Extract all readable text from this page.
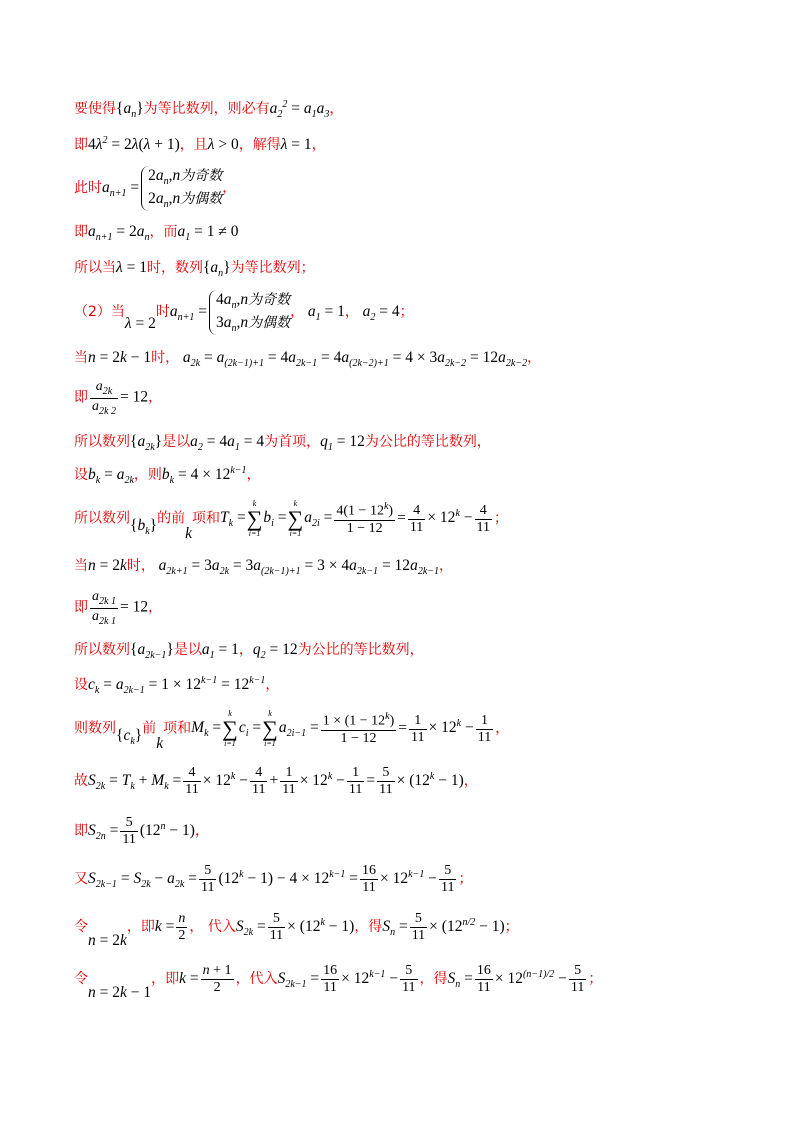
要使得$\{a_n\}$为等比数列，则必有$a_2^2 = a_1a_3$，
即$4\lambda^2 = 2\lambda(\lambda + 1)$，且λ > 0，解得λ = 1，
此时$a_{n+1}$ =
$2a_n,n$为奇数
$2a_n,n$为偶数
，
即$a_{n+1} = 2a_n$，而$a_1 = 1 \ne 0$
所以当λ = 1时，数列$\{a_n\}$为等比数列；
（2）当λ = 2时$a_{n+1}$ =
$4a_n,n$为奇数
$3a_n,n$为偶数
， $a_1 = 1$， $a_2 = 4$；
当n = 2k − 1时， $a_{2k} = a_{(2k-1)+1} = 4a_{2k-1} = 4a_{(2k-2)+1} = 4 \times 3a_{2k-2} = 12a_{2k-2}$，
即 $\frac{a_{2k}}{a_{2k 2}} = 12$，
所以数列$\{a_{2k}\}$是以$a_2 = 4a_1 = 4$为首项，$q_1 = 12$为公比的等比数列，
设$b_k = a_{2k}$，则$b_k = 4 \times 12^{k-1}$，
所以数列$\{b_k\}$的前k项和$T_k$ =
k
∑
i=1
$b_i$ =
k
∑
i=1
$a_{2i} = \frac{4(1 - 12^k)}{1 - 12} = \frac{4}{11} \times 12^k - \frac{4}{11}$ ；
当n = 2k时， $a_{2k+1} = 3a_{2k} = 3a_{(2k-1)+1} = 3 \times 4a_{2k-1} = 12a_{2k-1}$，
即 $\frac{a_{2k 1}}{a_{2k 1}} = 12$，
所以数列$\{a_{2k-1}\}$是以$a_1 = 1$，$q_2 = 12$为公比的等比数列，
设$c_k = a_{2k-1} = 1 \times 12^{k-1} = 12^{k-1}$，
则数列$\{c_k\}$前k项和$M_k$ =
k
∑
i=1
$c_i$ =
k
∑
i=1
$a_{2i-1} = \frac{1 \times (1 - 12^k)}{1 - 12} = \frac{1}{11} \times 12^k - \frac{1}{11}$ ，
故$S_{2k} = T_k + M_k = \frac{4}{11} \times 12^k - \frac{4}{11} + \frac{1}{11} \times 12^k - \frac{1}{11} = \frac{5}{11} \times (12^k - 1)$，
即$S_{2n} = \frac{5}{11} (12^n - 1)$，
又$S_{2k-1} = S_{2k} - a_{2k} = \frac{5}{11} (12^k - 1) - 4 \times 12^{k-1} = \frac{16}{11} \times 12^{k-1} - \frac{5}{11}$ ；
令n = 2k，即$k = \frac{n}{2}$ ， 代入$S_{2k} = \frac{5}{11} \times (12^k - 1)$，得$S_n = \frac{5}{11} \times (12^{n/2} - 1)$；
令n = 2k − 1，即$k = \frac{n + 1}{2}$ ，代入$S_{2k-1} = \frac{16}{11} \times 12^{k-1} - \frac{5}{11}$ ，得$S_n = \frac{16}{11} \times 12^{(n-1)/2} - \frac{5}{11}$ ；
